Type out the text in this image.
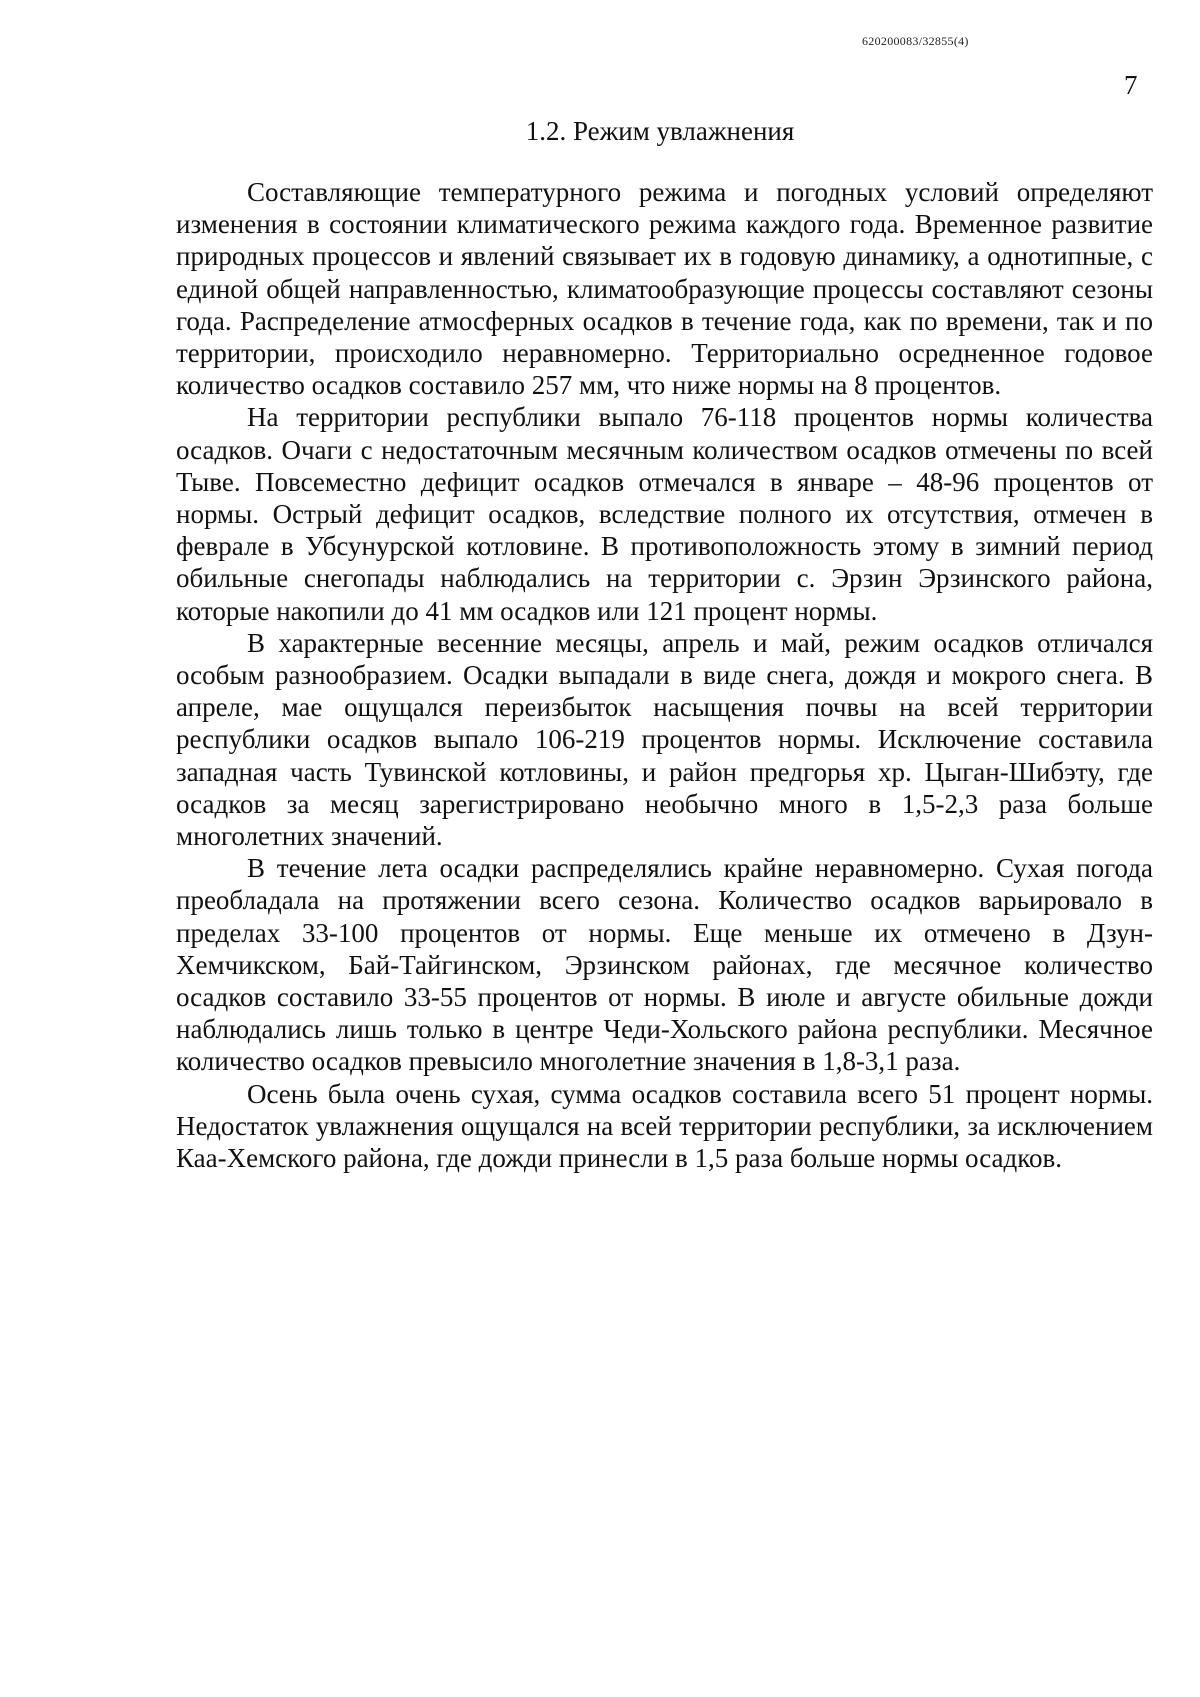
620200083/32855(4)
7
1.2. Режим увлажнения

Составляющие температурного режима и погодных условий определяют изменения в состоянии климатического режима каждого года. Временное развитие природных процессов и явлений связывает их в годовую динамику, а однотипные, с единой общей направленностью, климатообразующие процессы составляют сезоны года. Распределение атмосферных осадков в течение года, как по времени, так и по территории, происходило неравномерно. Территориально осредненное годовое количество осадков составило 257 мм, что ниже нормы на 8 процентов.

На территории республики выпало 76-118 процентов нормы количества осадков. Очаги с недостаточным месячным количеством осадков отмечены по всей Тыве. Повсеместно дефицит осадков отмечался в январе – 48-96 процентов от нормы. Острый дефицит осадков, вследствие полного их отсутствия, отмечен в феврале в Убсунурской котловине. В противоположность этому в зимний период обильные снегопады наблюдались на территории с. Эрзин Эрзинского района, которые накопили до 41 мм осадков или 121 процент нормы.

В характерные весенние месяцы, апрель и май, режим осадков отличался особым разнообразием. Осадки выпадали в виде снега, дождя и мокрого снега. В апреле, мае ощущался переизбыток насыщения почвы на всей территории республики осадков выпало 106-219 процентов нормы. Исключение составила западная часть Тувинской котловины, и район предгорья хр. Цыган-Шибэту, где осадков за месяц зарегистрировано необычно много в 1,5-2,3 раза больше многолетних значений.

В течение лета осадки распределялись крайне неравномерно. Сухая погода преобладала на протяжении всего сезона. Количество осадков варьировало в пределах 33-100 процентов от нормы. Еще меньше их отмечено в Дзун-Хемчикском, Бай-Тайгинском, Эрзинском районах, где месячное количество осадков составило 33-55 процентов от нормы. В июле и августе обильные дожди наблюдались лишь только в центре Чеди-Хольского района республики. Месячное количество осадков превысило многолетние значения в 1,8-3,1 раза.

Осень была очень сухая, сумма осадков составила всего 51 процент нормы. Недостаток увлажнения ощущался на всей территории республики, за исключением Каа-Хемского района, где дожди принесли в 1,5 раза больше нормы осадков.
